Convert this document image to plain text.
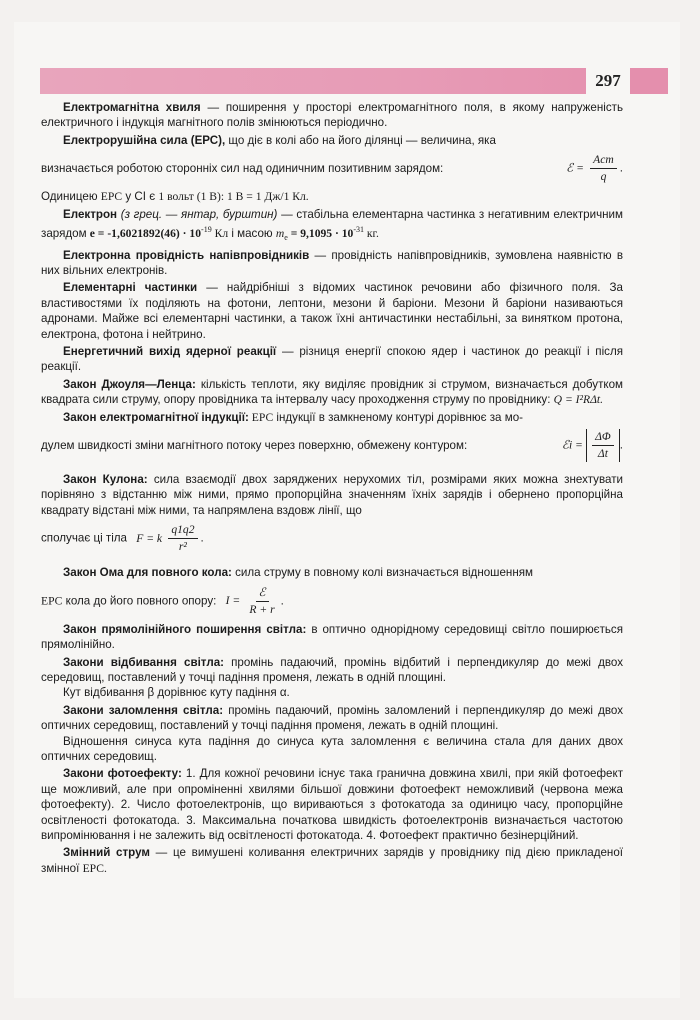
297

Електромагнітна хвиля — поширення у просторі електромагнітного поля, в якому напруженість електричного і індукція магнітного полів змінюються періодично.

Електрорушійна сила (ЕРС), що діє в колі або на його ділянці — величина, яка

визначається роботою сторонніх сил над одиничним позитивним зарядом:	ℰ = $\frac{\text{Aст}}{q}$ .

Одиницею ЕРС у СІ є 1 вольт (1 В): 1 В = 1 Дж/1 Кл.

Електрон (з грец. — янтар, бурштин) — стабільна елементарна частинка з негативним електричним зарядом $e = -1,6021892(46) \cdot 10^{-19}$ Кл і масою $m_e = 9,1095 \cdot 10^{-31}$ кг.

Електронна провідність напівпровідників — провідність напівпровідників, зумовлена наявністю в них вільних електронів.

Елементарні частинки — найдрібніші з відомих частинок речовини або фізичного поля. За властивостями їх поділяють на фотони, лептони, мезони й баріони. Мезони й баріони називаються адронами. Майже всі елементарні частинки, а також їхні античастинки нестабільні, за винятком протона, електрона, фотона і нейтрино.

Енергетичний вихід ядерної реакції — різниця енергії спокою ядер і частинок до реакції і після реакції.

Закон Джоуля—Ленца: кількість теплоти, яку виділяє провідник зі струмом, визначається добутком квадрата сили струму, опору провідника та інтервалу часу проходження струму по провіднику: Q = I²RΔt.

Закон електромагнітної індукції: ЕРС індукції в замкненому контурі дорівнює за мо-

дулем швидкості зміни магнітного потоку через поверхню, обмежену контуром:	ℰi = $\frac{\Delta\Phi}{\Delta t}$ .

Закон Кулона: сила взаємодії двох заряджених нерухомих тіл, розмірами яких можна знехтувати порівняно з відстанню між ними, прямо пропорційна значенням їхніх зарядів і обернено пропорційна квадрату відстані між ними, та напрямлена вздовж лінії, що

сполучає ці тіла F = k $\frac{q1q2}{\text{r²}}$ .

Закон Ома для повного кола: сила струму в повному колі визначається відношенням

ЕРС кола до його повного опору: $I = \frac{\text{ℰ}}{R + r}$ .

Закон прямолінійного поширення світла: в оптично однорідному середовищі світло поширюється прямолінійно.

Закони відбивання світла: промінь падаючий, промінь відбитий і перпендикуляр до межі двох середовищ, поставлений у точці падіння променя, лежать в одній площині.

Кут відбивання β дорівнює куту падіння α.

Закони заломлення світла: промінь падаючий, промінь заломлений і перпендикуляр до межі двох оптичних середовищ, поставлений у точці падіння променя, лежать в одній площині.

Відношення синуса кута падіння до синуса кута заломлення є величина стала для даних двох оптичних середовищ.

Закони фотоефекту: 1. Для кожної речовини існує така гранична довжина хвилі, при якій фотоефект ще можливий, але при опроміненні хвилями більшої довжини фотоефект неможливий (червона межа фотоефекту). 2. Число фотоелектронів, що вириваються з фотокатода за одиницю часу, пропорційне освітленості фотокатода. 3. Максимальна початкова швидкість фотоелектронів визначається частотою випромінювання і не залежить від освітленості фотокатода. 4. Фотоефект практично безінерційний.

Змінний струм — це вимушені коливання електричних зарядів у провіднику під дією прикладеної змінної ЕРС.
